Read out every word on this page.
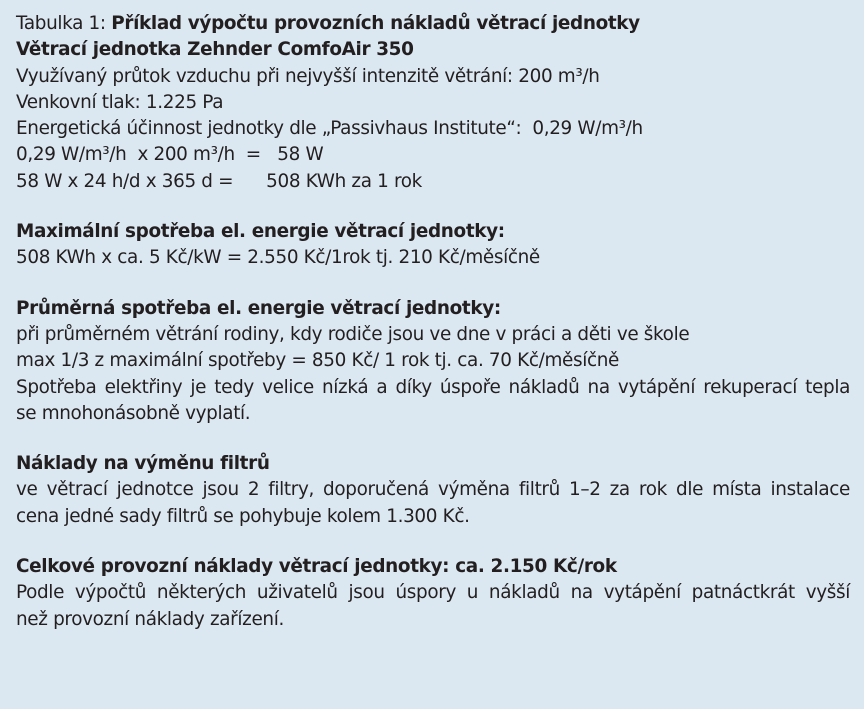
Tabulka 1: Příklad výpočtu provozních nákladů větrací jednotky
Větrací jednotka Zehnder ComfoAir 350
Využívaný průtok vzduchu při nejvyšší intenzitě větrání: 200 m³/h
Venkovní tlak: 1.225 Pa
Energetická účinnost jednotky dle „Passivhaus Institute“:  0,29 W/m³/h
0,29 W/m³/h  x 200 m³/h  =   58 W
58 W x 24 h/d x 365 d =      508 KWh za 1 rok
Maximální spotřeba el. energie větrací jednotky:
508 KWh x ca. 5 Kč/kW = 2.550 Kč/1rok tj. 210 Kč/měsíčně
Průměrná spotřeba el. energie větrací jednotky:
při průměrném větrání rodiny, kdy rodiče jsou ve dne v práci a děti ve škole
max 1/3 z maximální spotřeby = 850 Kč/ 1 rok tj. ca. 70 Kč/měsíčně
Spotřeba elektřiny je tedy velice nízká a díky úspoře nákladů na vytápění rekuperací tepla
se mnohonásobně vyplatí.
Náklady na výměnu filtrů
ve větrací jednotce jsou 2 filtry, doporučená výměna filtrů 1–2 za rok dle místa instalace
cena jedné sady filtrů se pohybuje kolem 1.300 Kč.
Celkové provozní náklady větrací jednotky: ca. 2.150 Kč/rok
Podle výpočtů některých uživatelů jsou úspory u nákladů na vytápění patnáctkrát vyšší
než provozní náklady zařízení.
